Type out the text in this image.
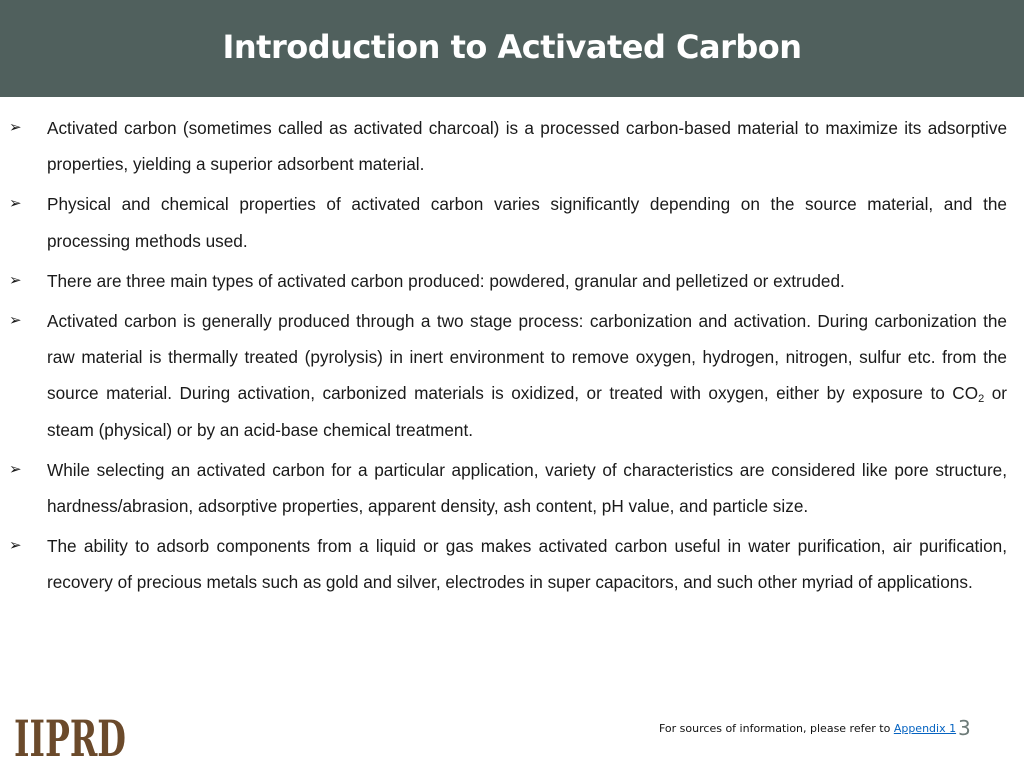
Introduction to Activated Carbon
➢ Activated carbon (sometimes called as activated charcoal) is a processed carbon-based material to maximize its adsorptive properties, yielding a superior adsorbent material.
➢ Physical and chemical properties of activated carbon varies significantly depending on the source material, and the processing methods used.
➢ There are three main types of activated carbon produced: powdered, granular and pelletized or extruded.
➢ Activated carbon is generally produced through a two stage process: carbonization and activation. During carbonization the raw material is thermally treated (pyrolysis) in inert environment to remove oxygen, hydrogen, nitrogen, sulfur etc. from the source material. During activation, carbonized materials is oxidized, or treated with oxygen, either by exposure to $CO_2$ or steam (physical) or by an acid-base chemical treatment.
➢ While selecting an activated carbon for a particular application, variety of characteristics are considered like pore structure, hardness/abrasion, adsorptive properties, apparent density, ash content, pH value, and particle size.
➢ The ability to adsorb components from a liquid or gas makes activated carbon useful in water purification, air purification, recovery of precious metals such as gold and silver, electrodes in super capacitors, and such other myriad of applications.
IIPRD	For sources of information, please refer to Appendix 1 3
